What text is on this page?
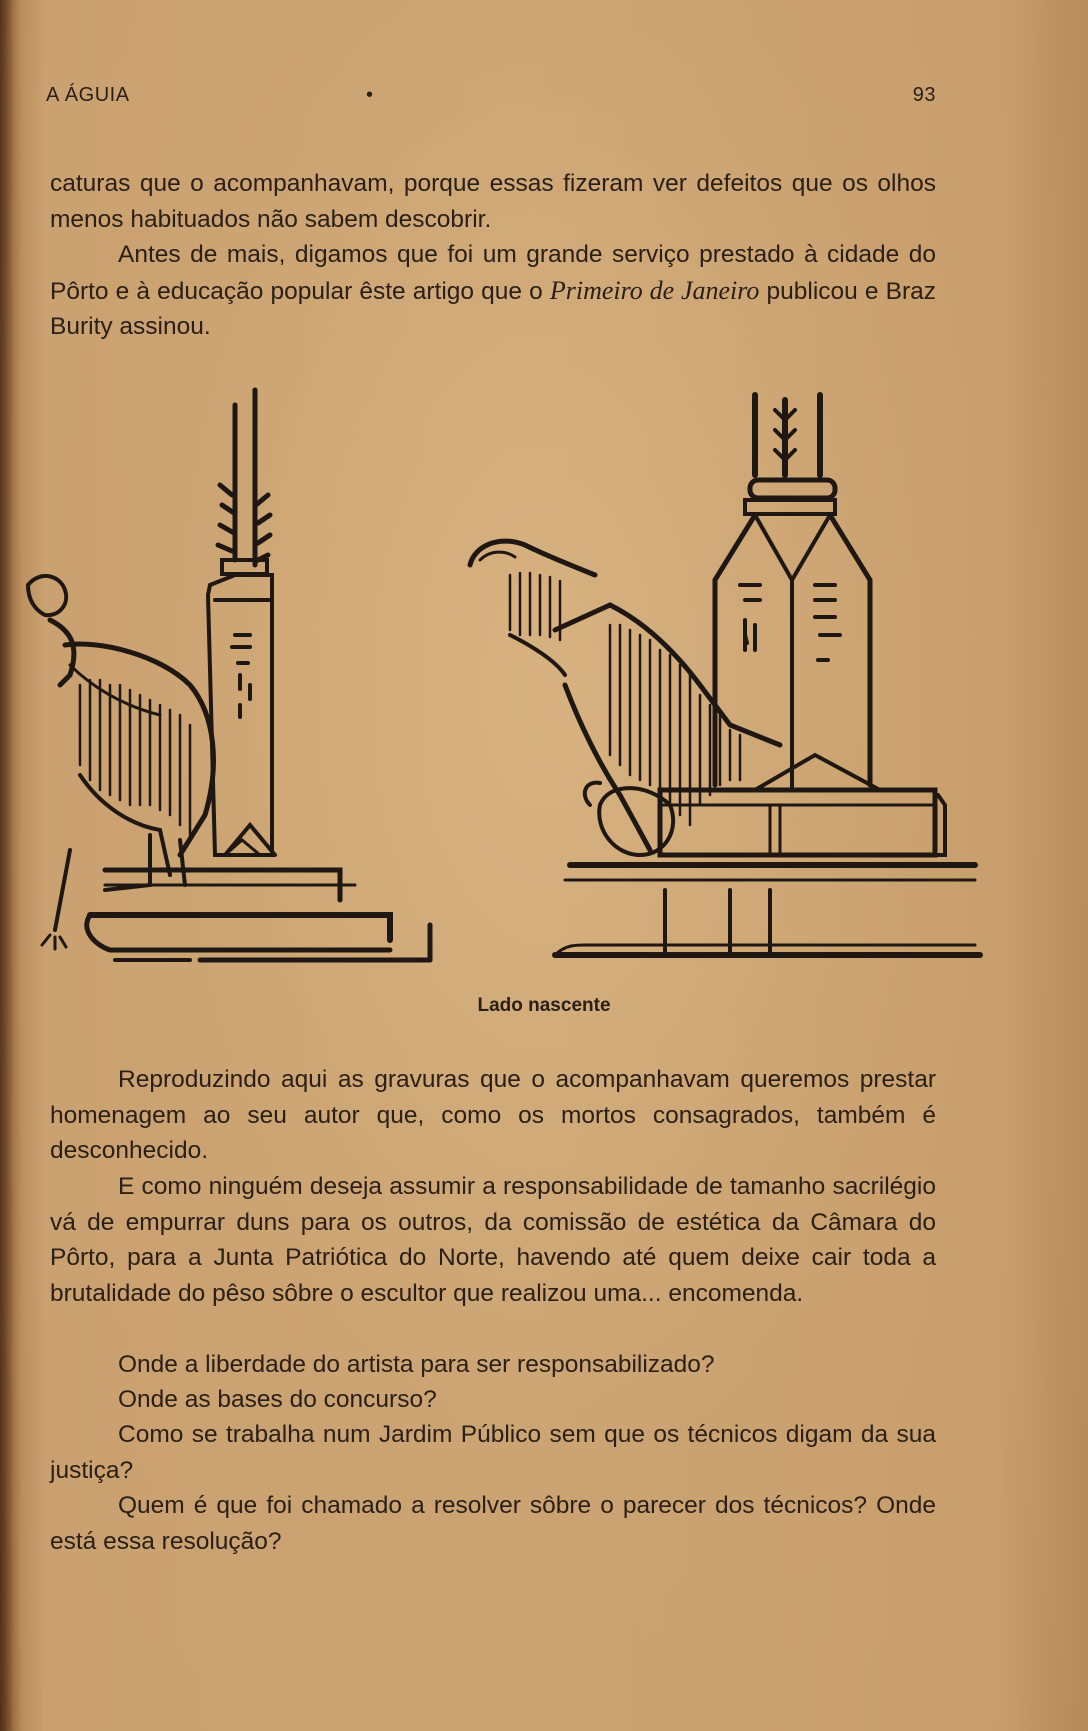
A ÁGUIA	•	93

caturas que o acompanhavam, porque essas fizeram ver defeitos que os olhos menos habituados não sabem descobrir.

Antes de mais, digamos que foi um grande serviço prestado à cidade do Pôrto e à educação popular êste artigo que o Primeiro de Janeiro publicou e Braz Burity assinou.

Lado nascente

Reproduzindo aqui as gravuras que o acompanhavam queremos prestar homenagem ao seu autor que, como os mortos consagrados, também é desconhecido.

E como ninguém deseja assumir a responsabilidade de tamanho sacrilégio vá de empurrar duns para os outros, da comissão de estética da Câmara do Pôrto, para a Junta Patriótica do Norte, havendo até quem deixe cair toda a brutalidade do pêso sôbre o escultor que realizou uma... encomenda.

Onde a liberdade do artista para ser responsabilizado?

Onde as bases do concurso?

Como se trabalha num Jardim Público sem que os técnicos digam da sua justiça?

Quem é que foi chamado a resolver sôbre o parecer dos técnicos? Onde está essa resolução?
